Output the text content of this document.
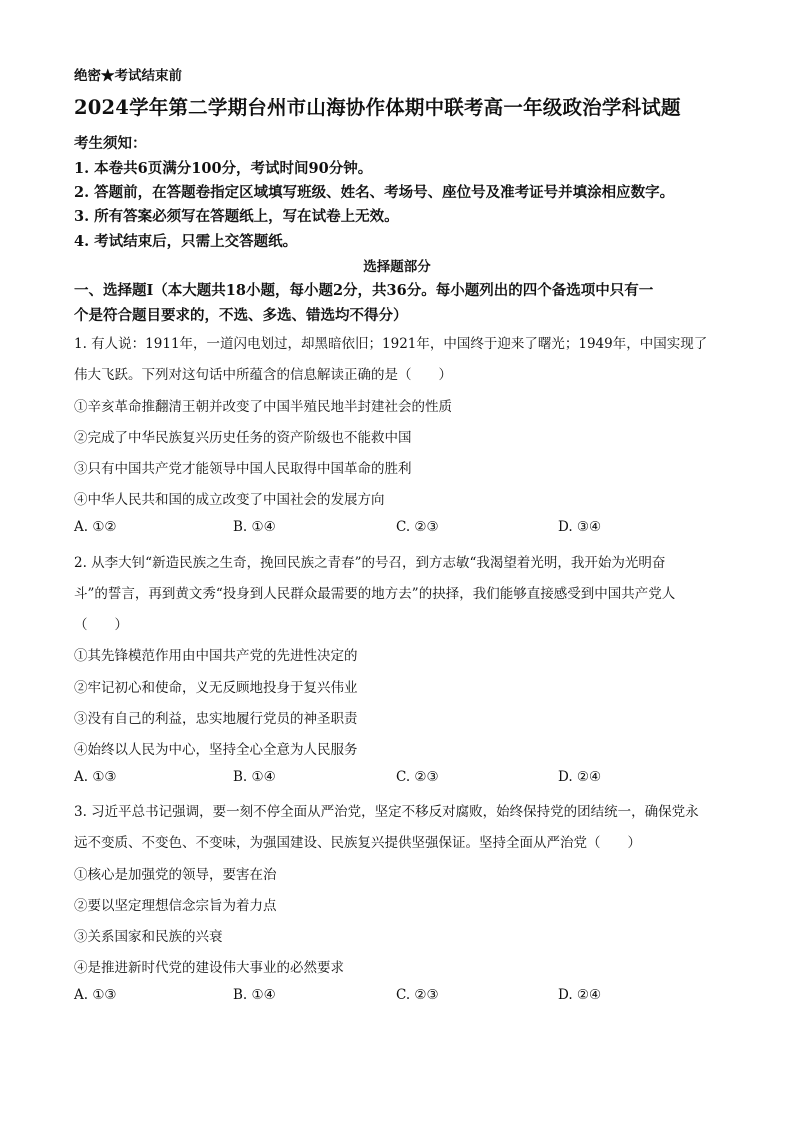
绝密★考试结束前
2024学年第二学期台州市山海协作体期中联考高一年级政治学科试题
考生须知：
1. 本卷共6页满分100分，考试时间90分钟。
2. 答题前，在答题卷指定区域填写班级、姓名、考场号、座位号及准考证号并填涂相应数字。
3. 所有答案必须写在答题纸上，写在试卷上无效。
4. 考试结束后，只需上交答题纸。
选择题部分
一、选择题Ⅰ（本大题共18小题，每小题2分，共36分。每小题列出的四个备选项中只有一
个是符合题目要求的，不选、多选、错选均不得分）
1. 有人说：1911年，一道闪电划过，却黑暗依旧；1921年，中国终于迎来了曙光；1949年，中国实现了
伟大飞跃。下列对这句话中所蕴含的信息解读正确的是（　　）
①辛亥革命推翻清王朝并改变了中国半殖民地半封建社会的性质
②完成了中华民族复兴历史任务的资产阶级也不能救中国
③只有中国共产党才能领导中国人民取得中国革命的胜利
④中华人民共和国的成立改变了中国社会的发展方向
A. ①②	B. ①④	C. ②③	D. ③④
2. 从李大钊“新造民族之生奇，挽回民族之青春”的号召，到方志敏“我渴望着光明，我开始为光明奋
斗”的誓言，再到黄文秀“投身到人民群众最需要的地方去”的抉择，我们能够直接感受到中国共产党人
（　　）
①其先锋模范作用由中国共产党的先进性决定的
②牢记初心和使命，义无反顾地投身于复兴伟业
③没有自己的利益，忠实地履行党员的神圣职责
④始终以人民为中心，坚持全心全意为人民服务
A. ①③	B. ①④	C. ②③	D. ②④
3. 习近平总书记强调，要一刻不停全面从严治党，坚定不移反对腐败，始终保持党的团结统一，确保党永
远不变质、不变色、不变味，为强国建设、民族复兴提供坚强保证。坚持全面从严治党（　　）
①核心是加强党的领导，要害在治
②要以坚定理想信念宗旨为着力点
③关系国家和民族的兴衰
④是推进新时代党的建设伟大事业的必然要求
A. ①③	B. ①④	C. ②③	D. ②④
